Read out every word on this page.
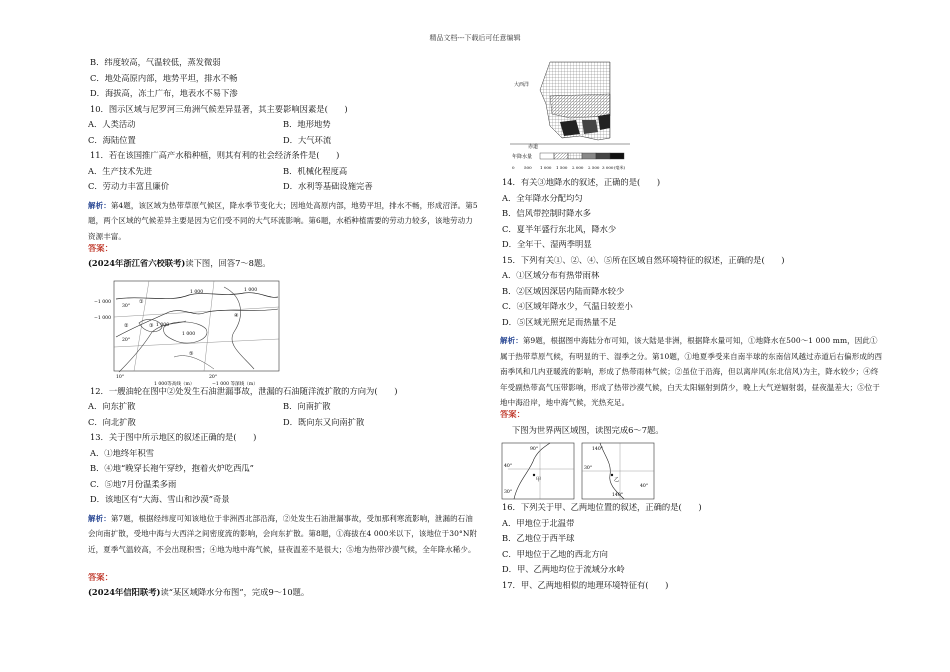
精品文档---下载后可任意编辑
B．纬度较高，气温较低，蒸发微弱
C．地处高原内部，地势平坦，排水不畅
D．海拔高，冻土广布，地表水不易下渗
10．图示区域与尼罗河三角洲气候差异显著，其主要影响因素是(　　)
A．人类活动	B．地形地势
C．海陆位置	D．大气环流
11．若在该国推广高产水稻种植，则其有利的社会经济条件是(　　)
A．生产技术先进	B．机械化程度高
C．劳动力丰富且廉价	D．水利等基础设施完善
解析：第4题，该区域为热带草原气候区，降水季节变化大；因地处高原内部，地势平坦，排水不畅，形成沼泽。第5题，两个区域的气候差异主要是因为它们受不同的大气环流影响。第6题，水稻种植需要的劳动力较多，该地劳动力资源丰富。
答案：
(2024年浙江省六校联考)读下图，回答7～8题。
30°
20°
10°	20°
−1 000
−1 000
1 000	1 000
1 000
1 000
①
②	③
④
⑤
1 000等高线（m）	−1 000 等深线（m）
12．一艘油轮在图中②处发生石油泄漏事故，泄漏的石油随洋流扩散的方向为(　　)
A．向东扩散	B．向南扩散
C．向北扩散	D．既向东又向南扩散
13．关于图中所示地区的叙述正确的是(　　)
A．①地终年积雪
B．④地“晚穿长袍午穿纱，抱着火炉吃西瓜”
C．⑤地7月份温柔多雨
D．该地区有“大海、雪山和沙漠”奇景
解析：第7题，根据经纬度可知该地位于非洲西北部沿海，②处发生石油泄漏事故，受加那利寒流影响，泄漏的石油会向南扩散，受地中海与大西洋之间密度流的影响，会向东扩散。第8题，①海拔在4 000米以下，该地位于30°N附近，夏季气温较高，不会出现积雪；④地为地中海气候，昼夜温差不是很大；⑤地为热带沙漠气候，全年降水稀少。
答案：
(2024年信阳联考)读“某区域降水分布图”，完成9～10题。
大西洋
赤道
年降水量
0 500 1 000 1 500 2 000 2 500 3 000 (毫米)
14．有关③地降水的叙述，正确的是(　　)
A．全年降水分配均匀
B．信风带控制时降水多
C．夏半年盛行东北风，降水少
D．全年干、湿两季明显
15．下列有关①、②、④、⑤所在区域自然环境特征的叙述，正确的是(　　)
A．①区域分布有热带雨林
B．②区域因深居内陆而降水较少
C．④区域年降水少，气温日较差小
D．⑤区域光照充足而热量不足
解析：第9题，根据图中海陆分布可知，该大陆是非洲，根据降水量可知，①地降水在500～1 000 mm，因此①属于热带草原气候，有明显的干、湿季之分。第10题，①地夏季受来自南半球的东南信风越过赤道后右偏形成的西南季风和几内亚暖流的影响，形成了热带雨林气候；②虽位于沿海，但以离岸风(东北信风)为主，降水较少；④终年受副热带高气压带影响，形成了热带沙漠气候，白天太阳辐射到荫少，晚上大气逆辐射弱，昼夜温差大；⑤位于地中海沿岸，地中海气候，光热充足。
答案：
下图为世界两区域图，读图完成6～7题。
90°
40°
甲
30°
140°
乙
30°
140°
40°
16．下列关于甲、乙两地位置的叙述，正确的是(　　)
A．甲地位于北温带
B．乙地位于西半球
C．甲地位于乙地的西北方向
D．甲、乙两地均位于流域分水岭
17．甲、乙两地相似的地理环境特征有(　　)
